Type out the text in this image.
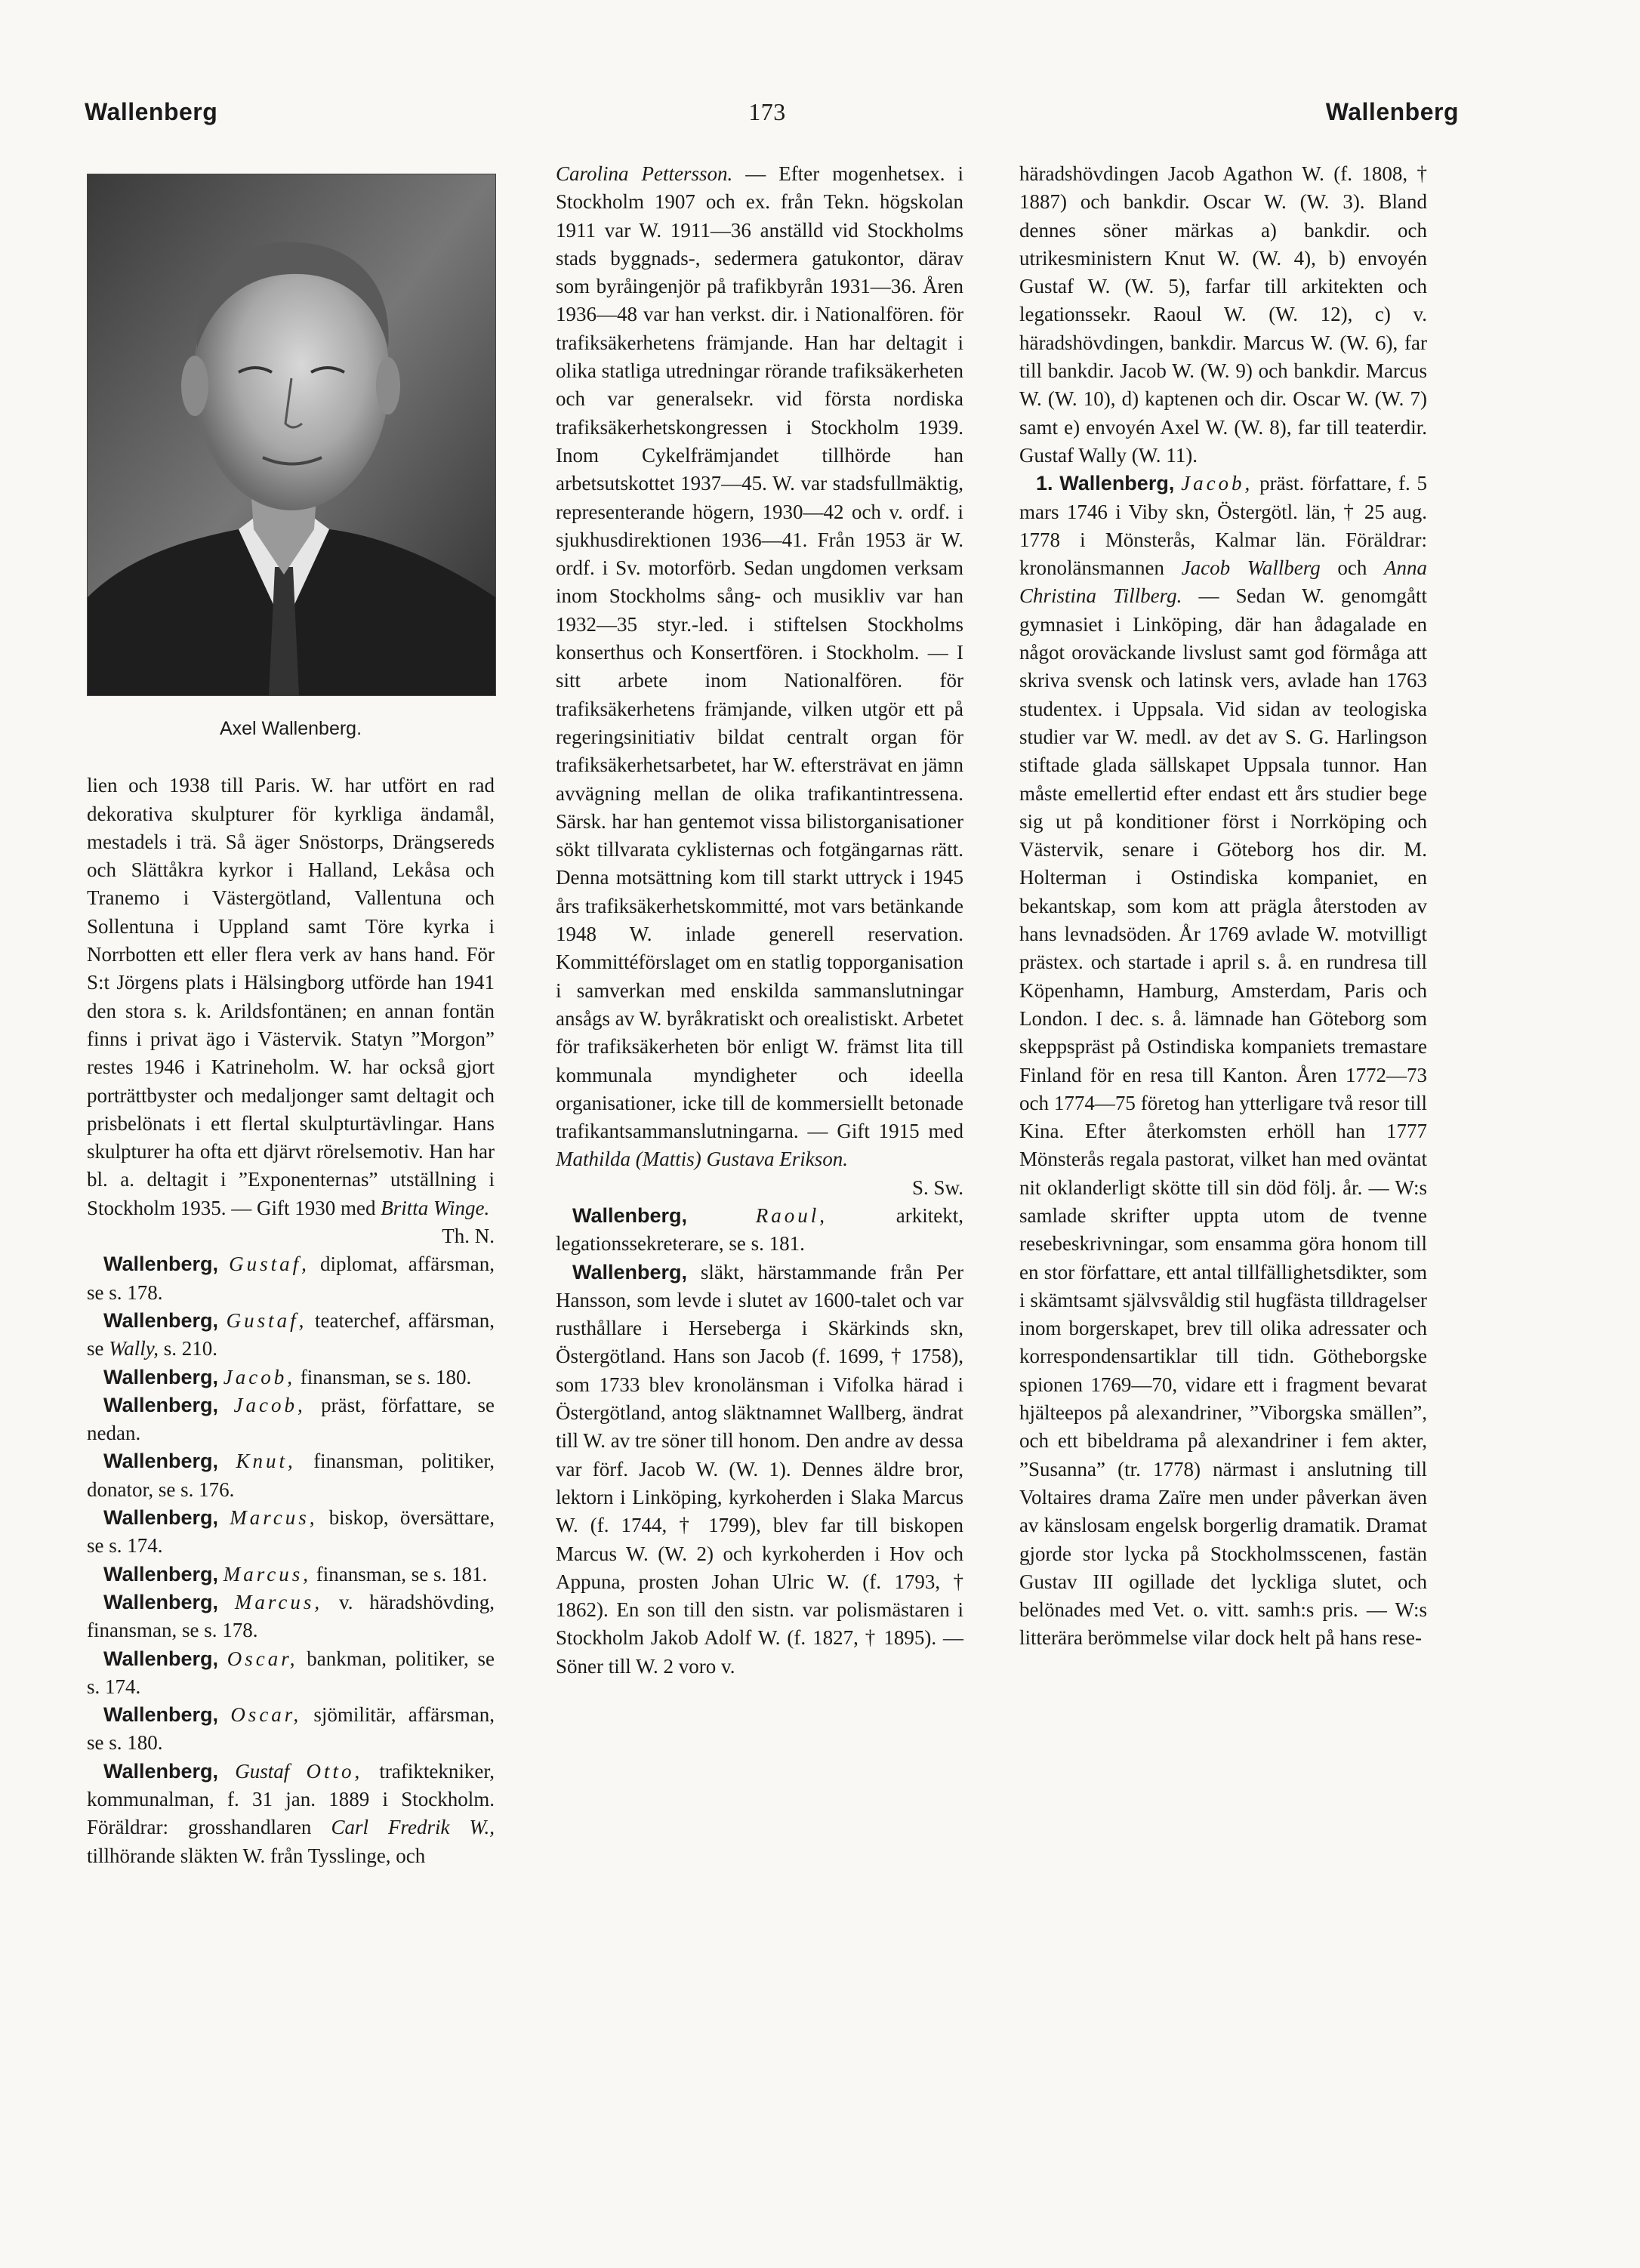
Wallenberg	173	Wallenberg
Axel Wallenberg.

lien och 1938 till Paris. W. har utfört en rad dekorativa skulpturer för kyrkliga ändamål, mestadels i trä. Så äger Snöstorps, Drängsereds och Slättåkra kyrkor i Halland, Lekåsa och Tranemo i Västergötland, Vallentuna och Sollentuna i Uppland samt Töre kyrka i Norrbotten ett eller flera verk av hans hand. För S:t Jörgens plats i Hälsingborg utförde han 1941 den stora s. k. Arildsfontänen; en annan fontän finns i privat ägo i Västervik. Statyn ”Morgon” restes 1946 i Katrineholm. W. har också gjort porträttbyster och medaljonger samt deltagit och prisbelönats i ett flertal skulpturtävlingar. Hans skulpturer ha ofta ett djärvt rörelsemotiv. Han har bl. a. deltagit i ”Exponenternas” utställning i Stockholm 1935. — Gift 1930 med Britta Winge.

Th. N.

Wallenberg, Gustaf, diplomat, affärsman, se s. 178.

Wallenberg, Gustaf, teaterchef, affärsman, se Wally, s. 210.

Wallenberg, Jacob, finansman, se s. 180.

Wallenberg, Jacob, präst, författare, se nedan.

Wallenberg, Knut, finansman, politiker, donator, se s. 176.

Wallenberg, Marcus, biskop, översättare, se s. 174.

Wallenberg, Marcus, finansman, se s. 181.

Wallenberg, Marcus, v. häradshövding, finansman, se s. 178.

Wallenberg, Oscar, bankman, politiker, se s. 174.

Wallenberg, Oscar, sjömilitär, affärsman, se s. 180.

Wallenberg, Gustaf Otto, trafiktekniker, kommunalman, f. 31 jan. 1889 i Stockholm. Föräldrar: grosshandlaren Carl Fredrik W., tillhörande släkten W. från Tysslinge, och

Carolina Pettersson. — Efter mogenhetsex. i Stockholm 1907 och ex. från Tekn. högskolan 1911 var W. 1911—36 anställd vid Stockholms stads byggnads-, sedermera gatukontor, därav som byråingenjör på trafikbyrån 1931—36. Åren 1936—48 var han verkst. dir. i Nationalfören. för trafiksäkerhetens främjande. Han har deltagit i olika statliga utredningar rörande trafiksäkerheten och var generalsekr. vid första nordiska trafiksäkerhetskongressen i Stockholm 1939. Inom Cykelfrämjandet tillhörde han arbetsutskottet 1937—45. W. var stadsfullmäktig, representerande högern, 1930—42 och v. ordf. i sjukhusdirektionen 1936—41. Från 1953 är W. ordf. i Sv. motorförb. Sedan ungdomen verksam inom Stockholms sång- och musikliv var han 1932—35 styr.-led. i stiftelsen Stockholms konserthus och Konsertfören. i Stockholm. — I sitt arbete inom Nationalfören. för trafiksäkerhetens främjande, vilken utgör ett på regeringsinitiativ bildat centralt organ för trafiksäkerhetsarbetet, har W. eftersträvat en jämn avvägning mellan de olika trafikantintressena. Särsk. har han gentemot vissa bilistorganisationer sökt tillvarata cyklisternas och fotgängarnas rätt. Denna motsättning kom till starkt uttryck i 1945 års trafiksäkerhetskommitté, mot vars betänkande 1948 W. inlade generell reservation. Kommittéförslaget om en statlig topporganisation i samverkan med enskilda sammanslutningar ansågs av W. byråkratiskt och orealistiskt. Arbetet för trafiksäkerheten bör enligt W. främst lita till kommunala myndigheter och ideella organisationer, icke till de kommersiellt betonade trafikantsammanslutningarna. — Gift 1915 med Mathilda (Mattis) Gustava Erikson.

S. Sw.

Wallenberg,	Raoul, arkitekt, legationssekreterare, se s. 181.

Wallenberg, släkt, härstammande från Per Hansson, som levde i slutet av 1600-talet och var rusthållare i Herseberga i Skärkinds skn, Östergötland. Hans son Jacob (f. 1699, † 1758), som 1733 blev kronolänsman i Vifolka härad i Östergötland, antog släktnamnet Wallberg, ändrat till W. av tre söner till honom. Den andre av dessa var förf. Jacob W. (W. 1). Dennes äldre bror, lektorn i Linköping, kyrkoherden i Slaka Marcus W. (f. 1744, † 1799), blev far till biskopen Marcus W. (W. 2) och kyrkoherden i Hov och Appuna, prosten Johan Ulric W. (f. 1793, † 1862). En son till den sistn. var polismästaren i Stockholm Jakob Adolf W. (f. 1827, † 1895). — Söner till W. 2 voro v.

häradshövdingen Jacob Agathon W. (f. 1808, † 1887) och bankdir. Oscar W. (W. 3). Bland dennes söner märkas a) bankdir. och utrikesministern Knut W. (W. 4), b) envoyén Gustaf W. (W. 5), farfar till arkitekten och legationssekr. Raoul W. (W. 12), c) v. häradshövdingen, bankdir. Marcus W. (W. 6), far till bankdir. Jacob W. (W. 9) och bankdir. Marcus W. (W. 10), d) kaptenen och dir. Oscar W. (W. 7) samt e) envoyén Axel W. (W. 8), far till teaterdir. Gustaf Wally (W. 11).

1. Wallenberg, Jacob, präst. författare, f. 5 mars 1746 i Viby skn, Östergötl. län, † 25 aug. 1778 i Mönsterås, Kalmar län. Föräldrar: kronolänsmannen Jacob Wallberg och Anna Christina Tillberg. — Sedan W. genomgått gymnasiet i Linköping, där han ådagalade en något oroväckande livslust samt god förmåga att skriva svensk och latinsk vers, avlade han 1763 studentex. i Uppsala. Vid sidan av teologiska studier var W. medl. av det av S. G. Harlingson stiftade glada sällskapet Uppsala tunnor. Han måste emellertid efter endast ett års studier bege sig ut på konditioner först i Norrköping och Västervik, senare i Göteborg hos dir. M. Holterman i Ostindiska kompaniet, en bekantskap, som kom att prägla återstoden av hans levnadsöden. År 1769 avlade W. motvilligt prästex. och startade i april s. å. en rundresa till Köpenhamn, Hamburg, Amsterdam, Paris och London. I dec. s. å. lämnade han Göteborg som skeppspräst på Ostindiska kompaniets tremastare Finland för en resa till Kanton. Åren 1772—73 och 1774—75 företog han ytterligare två resor till Kina. Efter återkomsten erhöll han 1777 Mönsterås regala pastorat, vilket han med oväntat nit oklanderligt skötte till sin död följ. år. — W:s samlade skrifter uppta utom de tvenne resebeskrivningar, som ensamma göra honom till en stor författare, ett antal tillfällighetsdikter, som i skämtsamt självsvåldig stil hugfästa tilldragelser inom borgerskapet, brev till olika adressater och korrespondensartiklar till tidn. Götheborgske spionen 1769—70, vidare ett i fragment bevarat hjälteepos på alexandriner, ”Viborgska smällen”, och ett bibeldrama på alexandriner i fem akter, ”Susanna” (tr. 1778) närmast i anslutning till Voltaires drama Zaïre men under påverkan även av känslosam engelsk borgerlig dramatik. Dramat gjorde stor lycka på Stockholmsscenen, fastän Gustav III ogillade det lyckliga slutet, och belönades med Vet. o. vitt. samh:s pris. — W:s litterära berömmelse vilar dock helt på hans rese-
